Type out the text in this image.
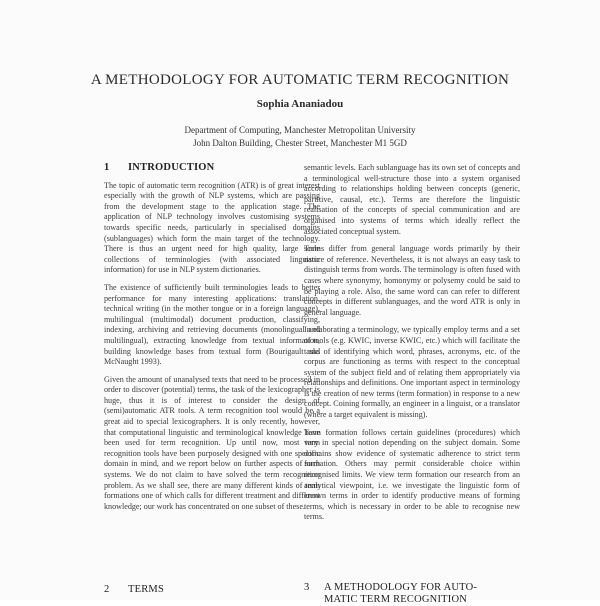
A METHODOLOGY FOR AUTOMATIC TERM RECOGNITION
Sophia Ananiadou
Department of Computing, Manchester Metropolitan University
John Dalton Building, Chester Street, Manchester M1 5GD
1 INTRODUCTION

The topic of automatic term recognition (ATR) is of great interest especially with the growth of NLP systems, which are passing from the development stage to the application stage. The application of NLP technology involves customising systems towards specific needs, particularly in specialised domains (sublanguages) which form the main target of the technology. There is thus an urgent need for high quality, large scale collections of terminologies (with associated linguistic information) for use in NLP system dictionaries.

The existence of sufficiently built terminologies leads to better performance for many interesting applications: translation, technical writing (in the mother tongue or in a foreign language), multilingual (multimodal) document production, classifying, indexing, archiving and retrieving documents (monolingual and multilingual), extracting knowledge from textual information, building knowledge bases from textual form (Bourigault and McNaught 1993).

Given the amount of unanalysed texts that need to be processed in order to discover (potential) terms, the task of the lexicographer is huge, thus it is of interest to consider the design of (semi)automatic ATR tools. A term recognition tool would be a great aid to special lexicographers. It is only recently, however, that computational linguistic and terminological knowledge have been used for term recognition. Up until now, most term recognition tools have been purposely designed with one specific domain in mind, and we report below on further aspects of such systems. We do not claim to have solved the term recognition problem. As we shall see, there are many different kinds of term formations one of which calls for different treatment and different knowledge; our work has concentrated on one subset of these.

semantic levels. Each sublanguage has its own set of concepts and a terminological well-structure those into a system organised according to relationships holding between concepts (generic, partitive, causal, etc.). Terms are therefore the linguistic realisation of the concepts of special communication and are organised into systems of terms which ideally reflect the associated conceptual system.

Terms differ from general language words primarily by their nature of reference. Nevertheless, it is not always an easy task to distinguish terms from words. The terminology is often fused with cases where synonymy, homonymy or polysemy could be said to be playing a role. Also, the same word can can refer to different concepts in different sublanguages, and the word ATR is only in general language.

In elaborating a terminology, we typically employ terms and a set of tools (e.g. KWIC, inverse KWIC, etc.) which will facilitate the tasks of identifying which word, phrases, acronyms, etc. of the corpus are functioning as terms with respect to the conceptual system of the subject field and of relating them appropriately via relationships and definitions. One important aspect in terminology is the creation of new terms (term formation) in response to a new concept. Coining formally, an engineer in a linguist, or a translator (where a target equivalent is missing).

Term formation follows certain guidelines (procedures) which vary in special notion depending on the subject domain. Some domains show evidence of systematic adherence to strict term formation. Others may permit considerable choice within recognised limits. We view term formation our research from an analytical viewpoint, i.e. we investigate the linguistic form of known terms in order to identify productive means of forming terms, which is necessary in order to be able to recognise new terms.

2 TERMS	3 A METHODOLOGY FOR AUTO-
MATIC TERM RECOGNITION
